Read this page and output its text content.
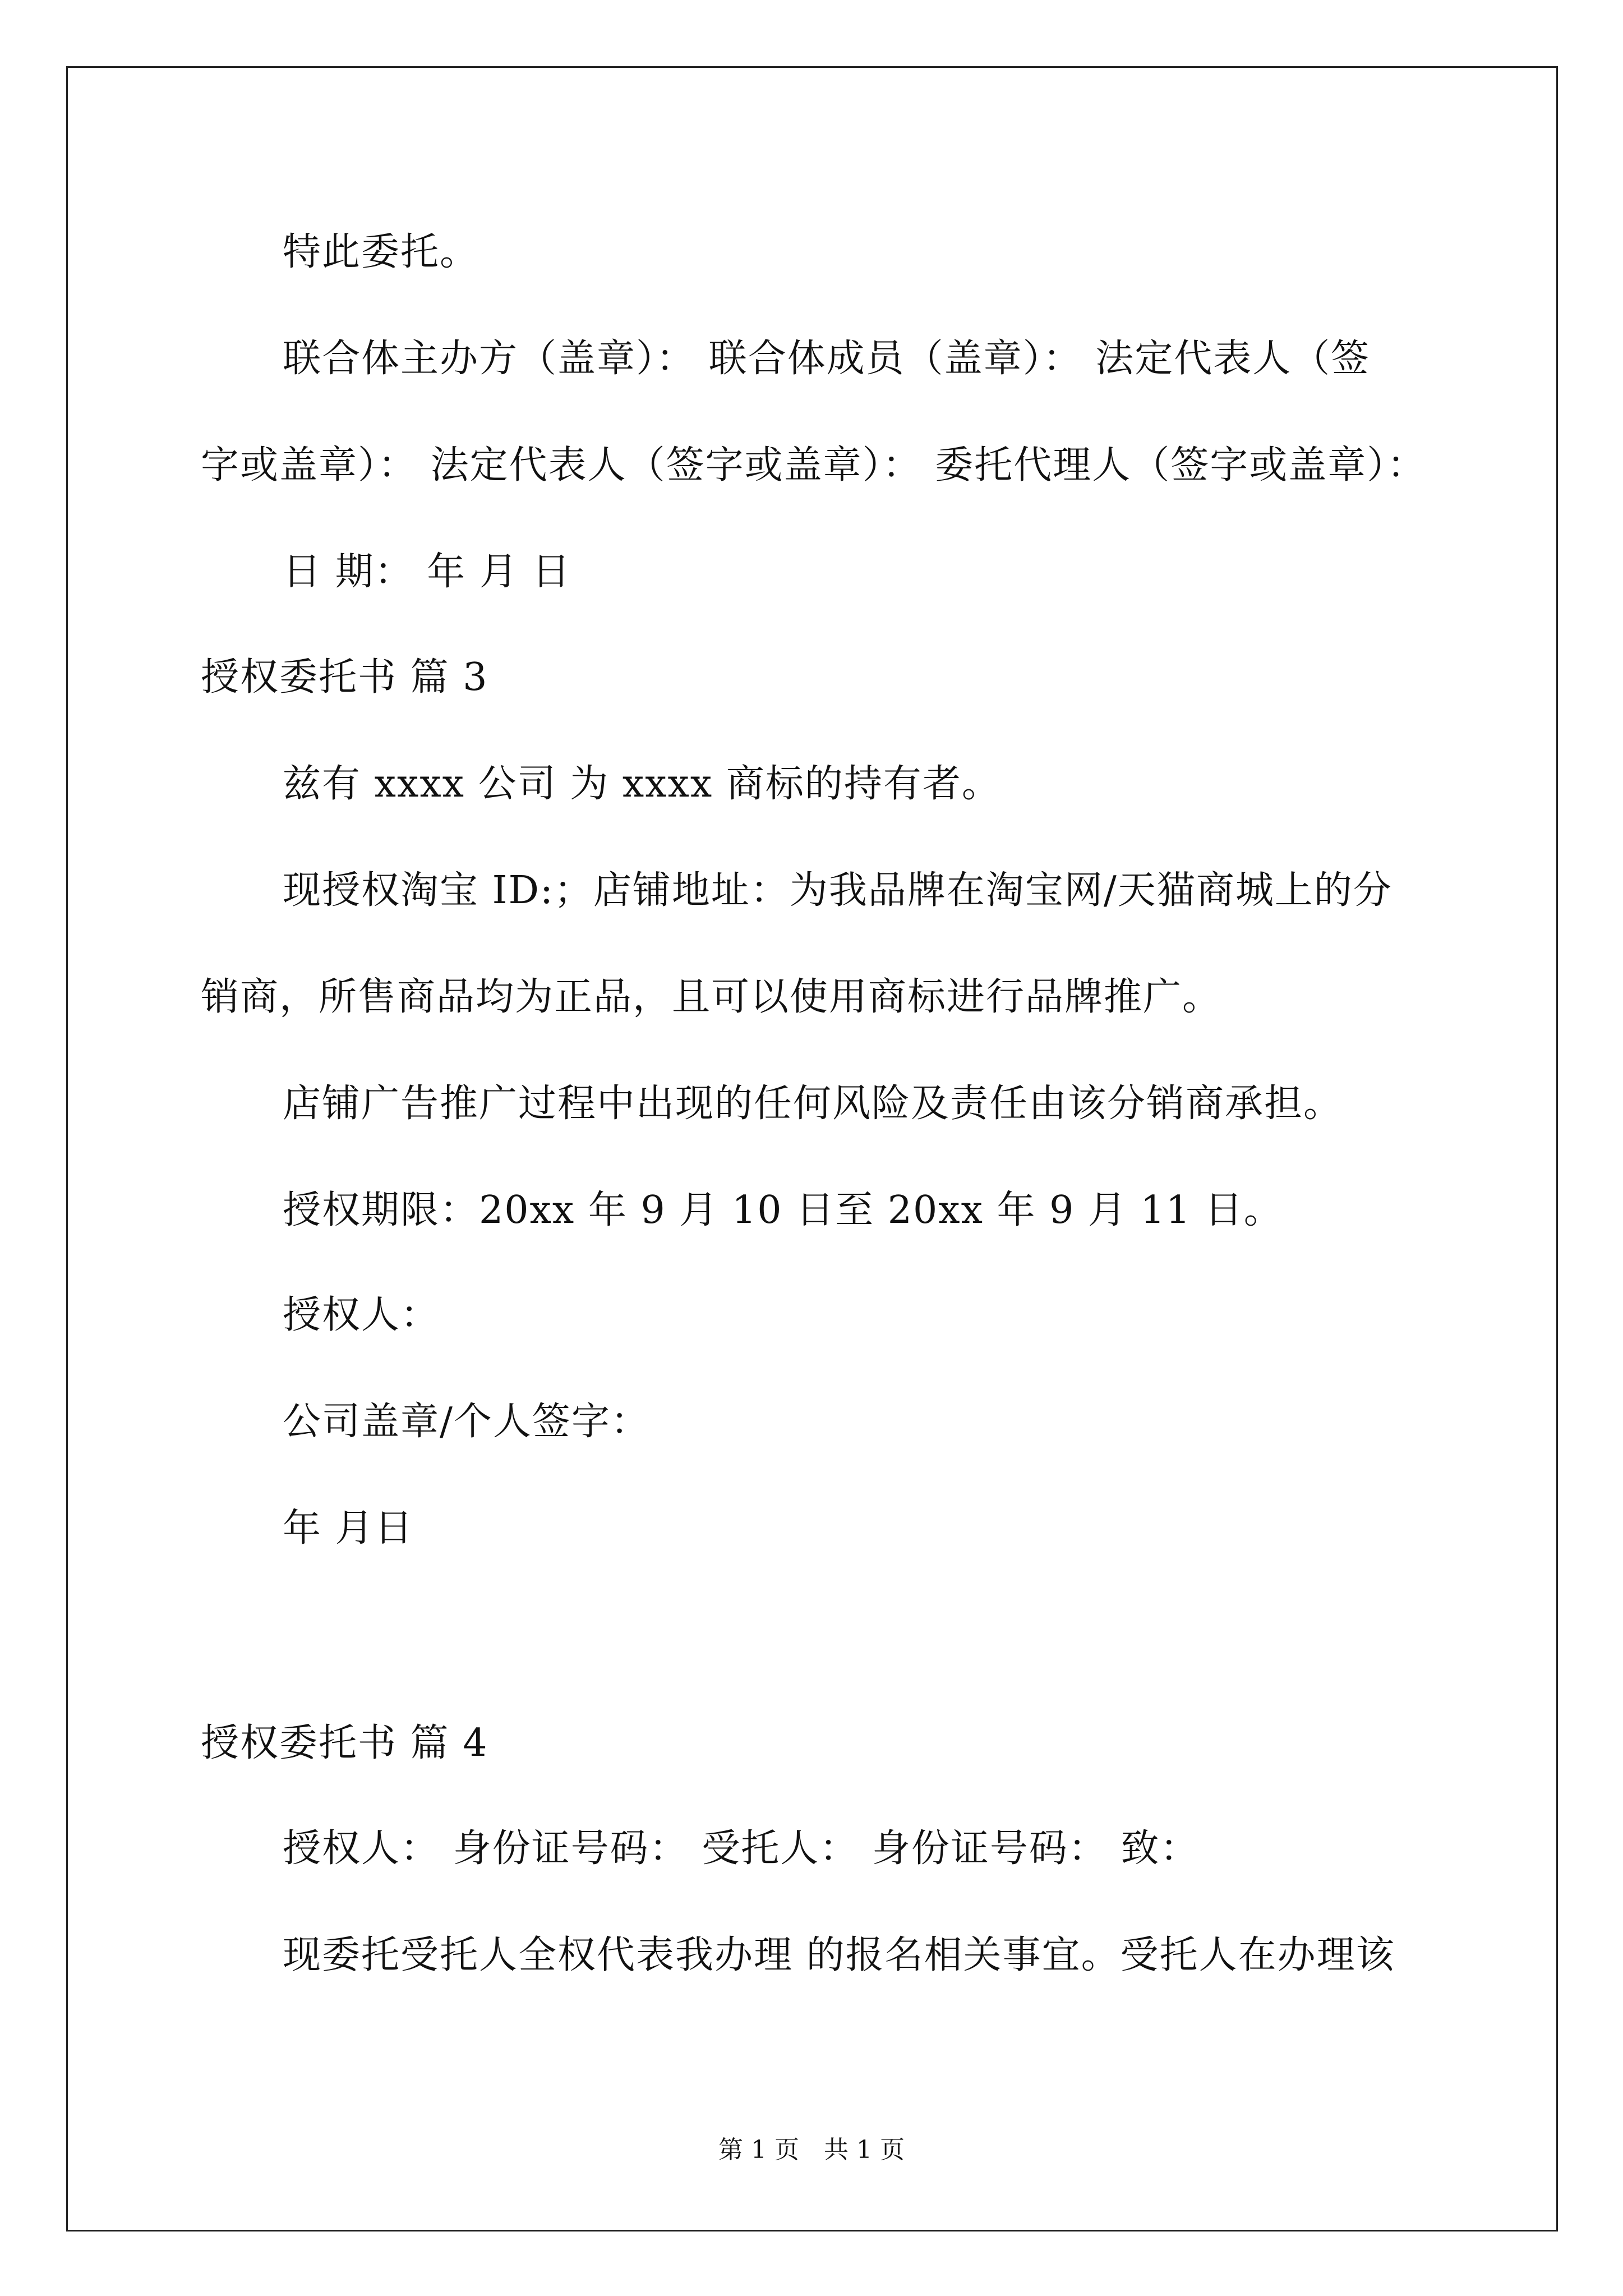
特此委托。
联合体主办方（盖章）： 联合体成员（盖章）： 法定代表人（签
字或盖章）： 法定代表人（签字或盖章）： 委托代理人（签字或盖章）：
日 期： 年 月 日
授权委托书 篇 3
兹有 xxxx 公司 为 xxxx 商标的持有者。
现授权淘宝 ID:；店铺地址：为我品牌在淘宝网/天猫商城上的分
销商，所售商品均为正品，且可以使用商标进行品牌推广。
店铺广告推广过程中出现的任何风险及责任由该分销商承担。
授权期限：20xx 年 9 月 10 日至 20xx 年 9 月 11 日。
授权人：
公司盖章/个人签字：
年 月日
授权委托书 篇 4
授权人： 身份证号码： 受托人： 身份证号码： 致：
现委托受托人全权代表我办理 的报名相关事宜。受托人在办理该
第 1 页　共 1 页
